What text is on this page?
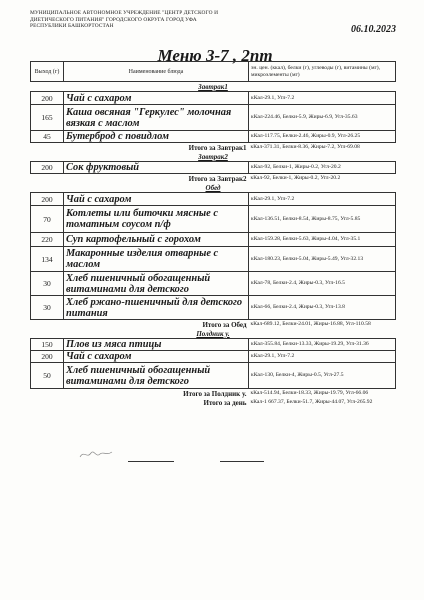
МУНИЦИПАЛЬНОЕ АВТОНОМНОЕ УЧРЕЖДЕНИЕ "ЦЕНТР ДЕТСКОГО И ДИЕТИЧЕСКОГО ПИТАНИЯ" ГОРОДСКОГО ОКРУГА ГОРОД УФА РЕСПУБЛИКИ БАШКОРТОСТАН	06.10.2023
Меню 3-7 , 2пт
Выход (г)	Наименование блюда	эн. цен. (ккал), белки (г), углеводы (г), витамины (мг), микроэлементы (мг)
Завтрак1		
200	Чай с сахаром	кКал-29.1, Угл-7.2
165	Каша овсяная "Геркулес" молочная вязкая с маслом	кКал-224.46, Белки-5.9, Жиры-6.9, Угл-35.63
45	Бутерброд с повидлом	кКал-117.75, Белки-2.46, Жиры-0.9, Угл-26.25
Итого за Завтрак1		кКал-371.31, Белки-8.36, Жиры-7.2, Угл-69.08
Завтрак2		
200	Сок фруктовый	кКал-92, Белки-1, Жиры-0.2, Угл-20.2
Итого за Завтрак2		кКал-92, Белки-1, Жиры-0.2, Угл-20.2
Обед		
200	Чай с сахаром	кКал-29.1, Угл-7.2
70	Котлеты или биточки мясные с томатным соусом п/ф	кКал-136.51, Белки-8.54, Жиры-8.75, Угл-5.85
220	Суп картофельный с горохом	кКал-159.28, Белки-5.63, Жиры-4.04, Угл-35.1
134	Макаронные изделия отварные с маслом	кКал-180.23, Белки-5.04, Жиры-5.49, Угл-32.13
30	Хлеб пшеничный обогащенный витаминами для детского	кКал-78, Белки-2.4, Жиры-0.3, Угл-16.5
30	Хлеб ржано-пшеничный для детского питания	кКал-66, Белки-2.4, Жиры-0.3, Угл-13.8
Итого за Обед		кКал-689.12, Белки-24.01, Жиры-16.88, Угл-110.58
Полдник у.		
150	Плов из мяса птицы	кКал-355.84, Белки-13.33, Жиры-19.29, Угл-31.36
200	Чай с сахаром	кКал-29.1, Угл-7.2
50	Хлеб пшеничный обогащенный витаминами для детского	кКал-130, Белки-4, Жиры-0.5, Угл-27.5
Итого за Полдник у.		кКал-514.94, Белки-18.33, Жиры-19.79, Угл-66.06
Итого за день		кКал-1 667.37, Белки-51.7, Жиры-44.07, Угл-265.92
